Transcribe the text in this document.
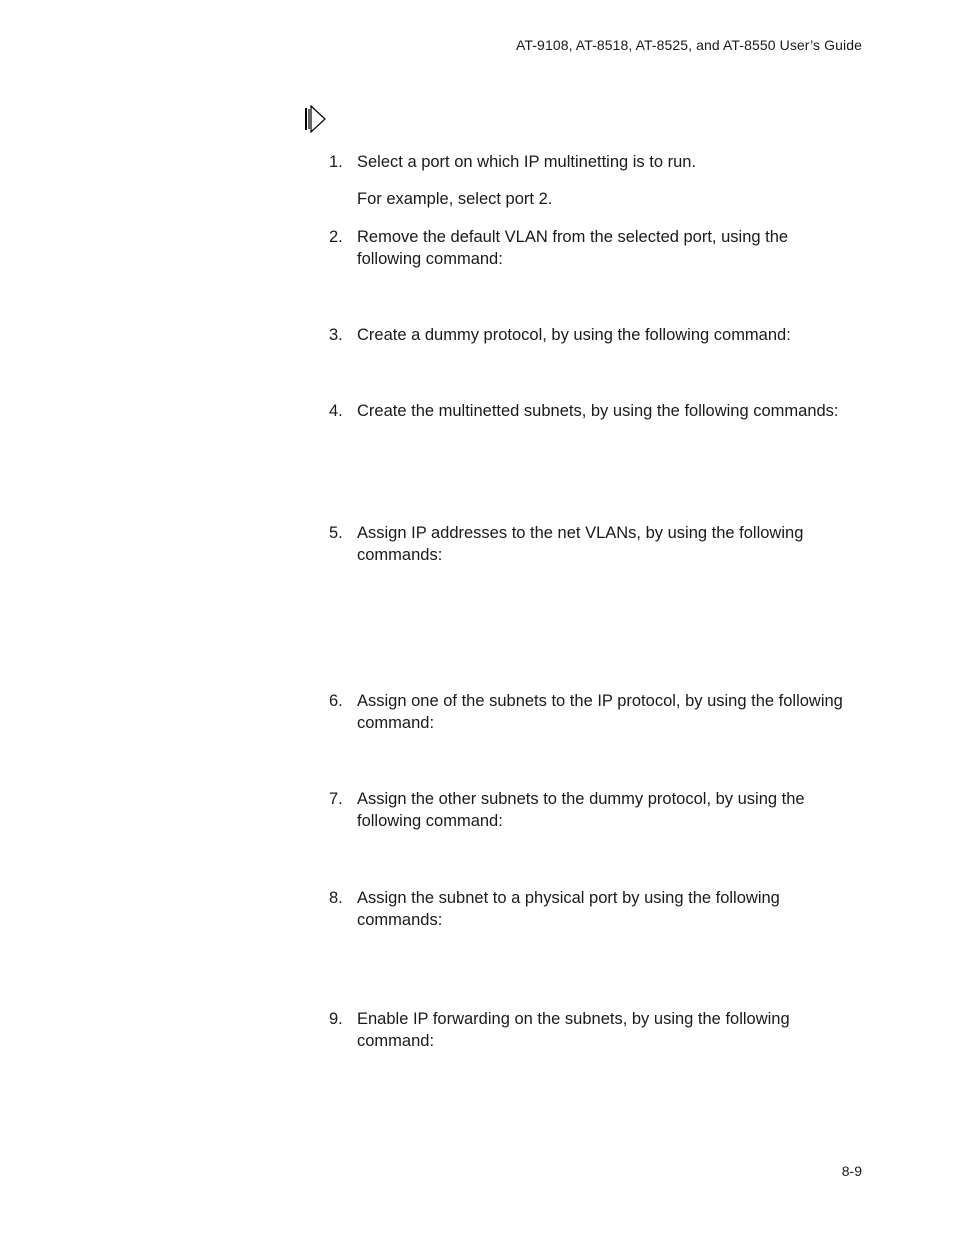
AT-9108, AT-8518, AT-8525, and AT-8550 User’s Guide
1. Select a port on which IP multinetting is to run.
For example, select port 2.
2. Remove the default VLAN from the selected port, using the following command:
3. Create a dummy protocol, by using the following command:
4. Create the multinetted subnets, by using the following commands:
5. Assign IP addresses to the net VLANs, by using the following commands:
6. Assign one of the subnets to the IP protocol, by using the following command:
7. Assign the other subnets to the dummy protocol, by using the following command:
8. Assign the subnet to a physical port by using the following commands:
9. Enable IP forwarding on the subnets, by using the following command:
8-9
